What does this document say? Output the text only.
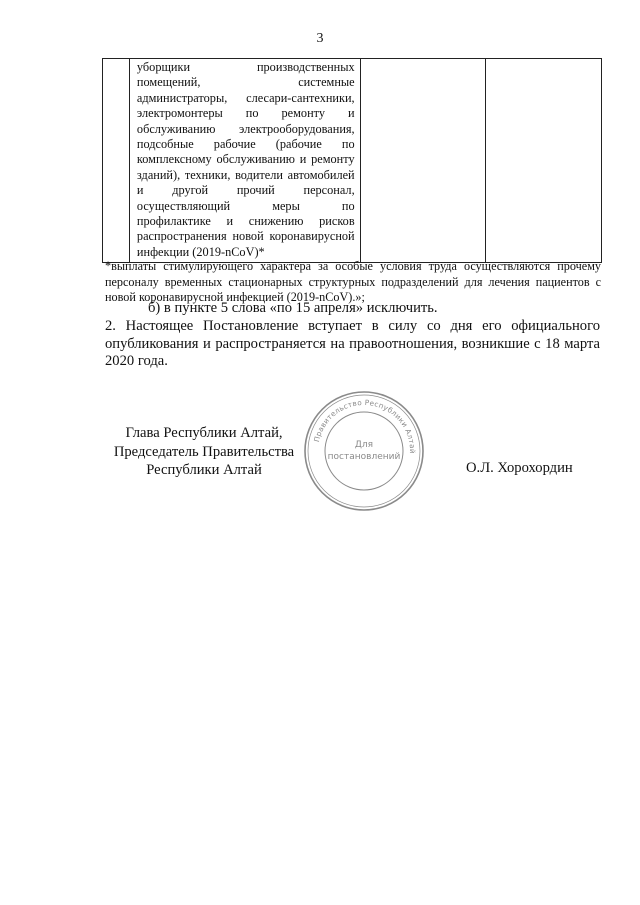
3

уборщики производственных
помещений, системные
администраторы, слесари-сантехники,
электромонтеры по ремонту и
обслуживанию электрооборудования,
подсобные рабочие (рабочие по
комплексному обслуживанию и ремонту
зданий), техники, водители автомобилей
и другой прочий персонал,
осуществляющий меры по
профилактике и снижению рисков
распространения новой коронавирусной
инфекции (2019-nCoV)*

*выплаты стимулирующего характера за особые условия труда осуществляются прочему персоналу временных стационарных структурных подразделений для лечения пациентов с новой коронавирусной инфекцией (2019-nCoV).»;
б) в пункте 5 слова «по 15 апреля» исключить.
2. Настоящее Постановление вступает в силу со дня его официального опубликования и распространяется на правоотношения, возникшие с 18 марта 2020 года.
Глава Республики Алтай,
Председатель Правительства
Республики Алтай
Правительство Республики Алтай
Для
постановлений
О.Л. Хорохордин
